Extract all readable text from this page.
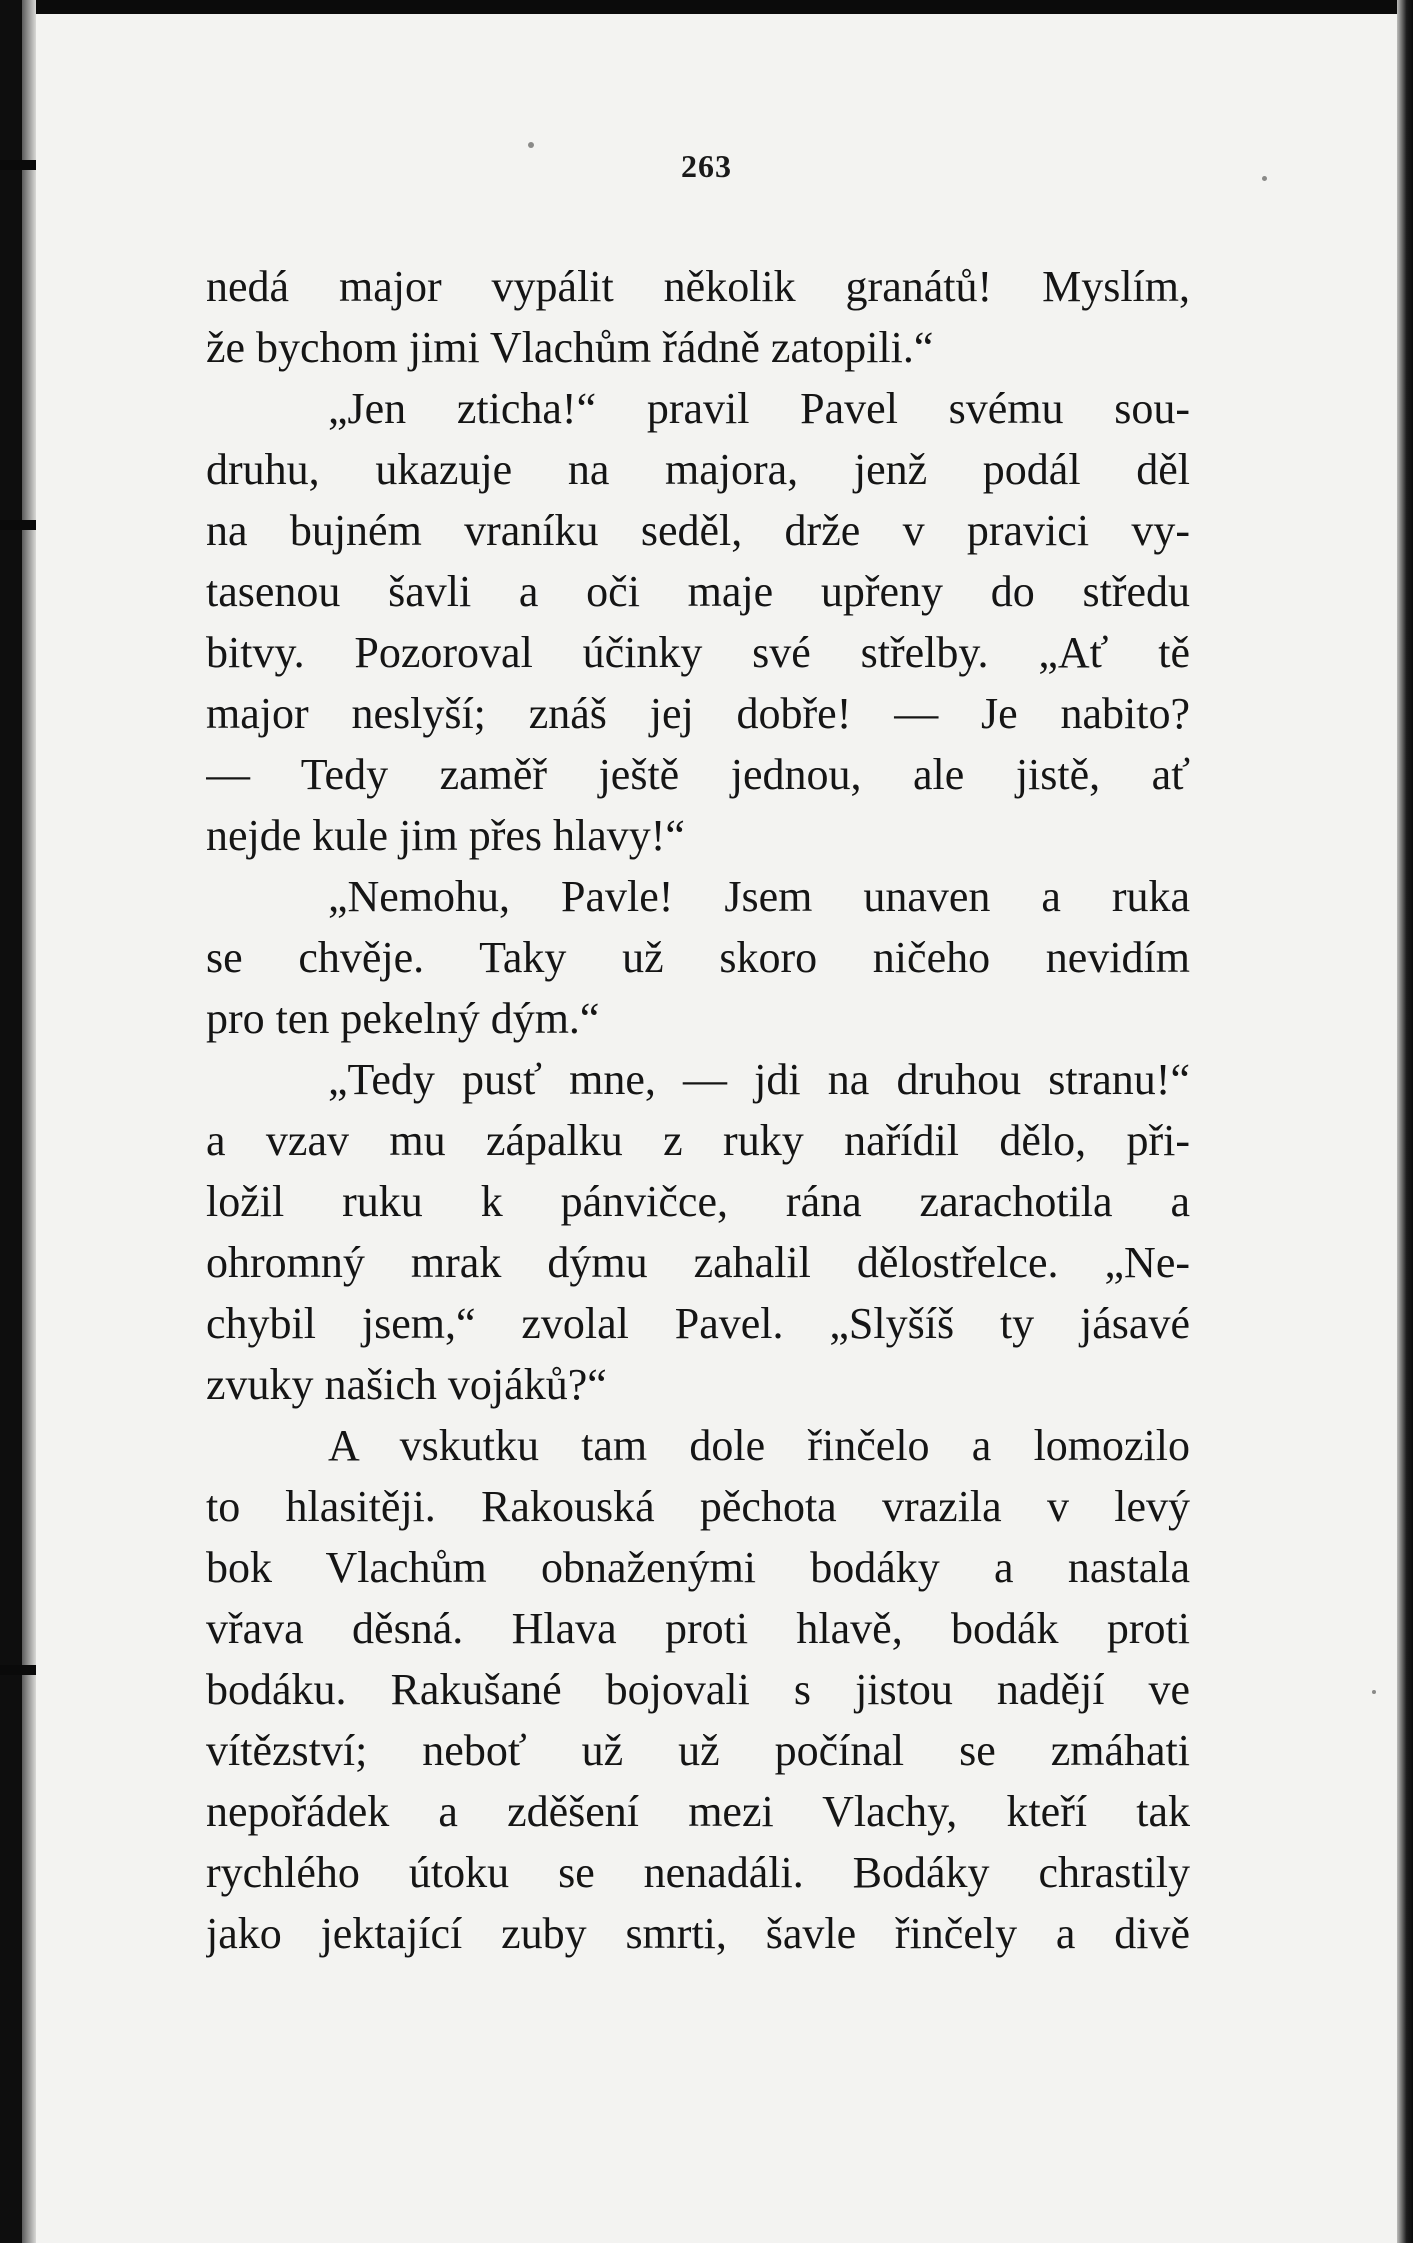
263
nedá major vypálit několik granátů! Myslím,
že bychom jimi Vlachům řádně zatopili.“
„Jen zticha!“ pravil Pavel svému sou-
druhu, ukazuje na majora, jenž podál děl
na bujném vraníku seděl, drže v pravici vy-
tasenou šavli a oči maje upřeny do středu
bitvy. Pozoroval účinky své střelby. „Ať tě
major neslyší; znáš jej dobře! — Je nabito?
— Tedy zaměř ještě jednou, ale jistě, ať
nejde kule jim přes hlavy!“
„Nemohu, Pavle! Jsem unaven a ruka
se chvěje. Taky už skoro ničeho nevidím
pro ten pekelný dým.“
„Tedy pusť mne, — jdi na druhou stranu!“
a vzav mu zápalku z ruky nařídil dělo, při-
ložil ruku k pánvičce, rána zarachotila a
ohromný mrak dýmu zahalil dělostřelce. „Ne-
chybil jsem,“ zvolal Pavel. „Slyšíš ty jásavé
zvuky našich vojáků?“
A vskutku tam dole řinčelo a lomozilo
to hlasitěji. Rakouská pěchota vrazila v levý
bok Vlachům obnaženými bodáky a nastala
vřava děsná. Hlava proti hlavě, bodák proti
bodáku. Rakušané bojovali s jistou nadějí ve
vítězství; neboť už už počínal se zmáhati
nepořádek a zděšení mezi Vlachy, kteří tak
rychlého útoku se nenadáli. Bodáky chrastily
jako jektající zuby smrti, šavle řinčely a divě
